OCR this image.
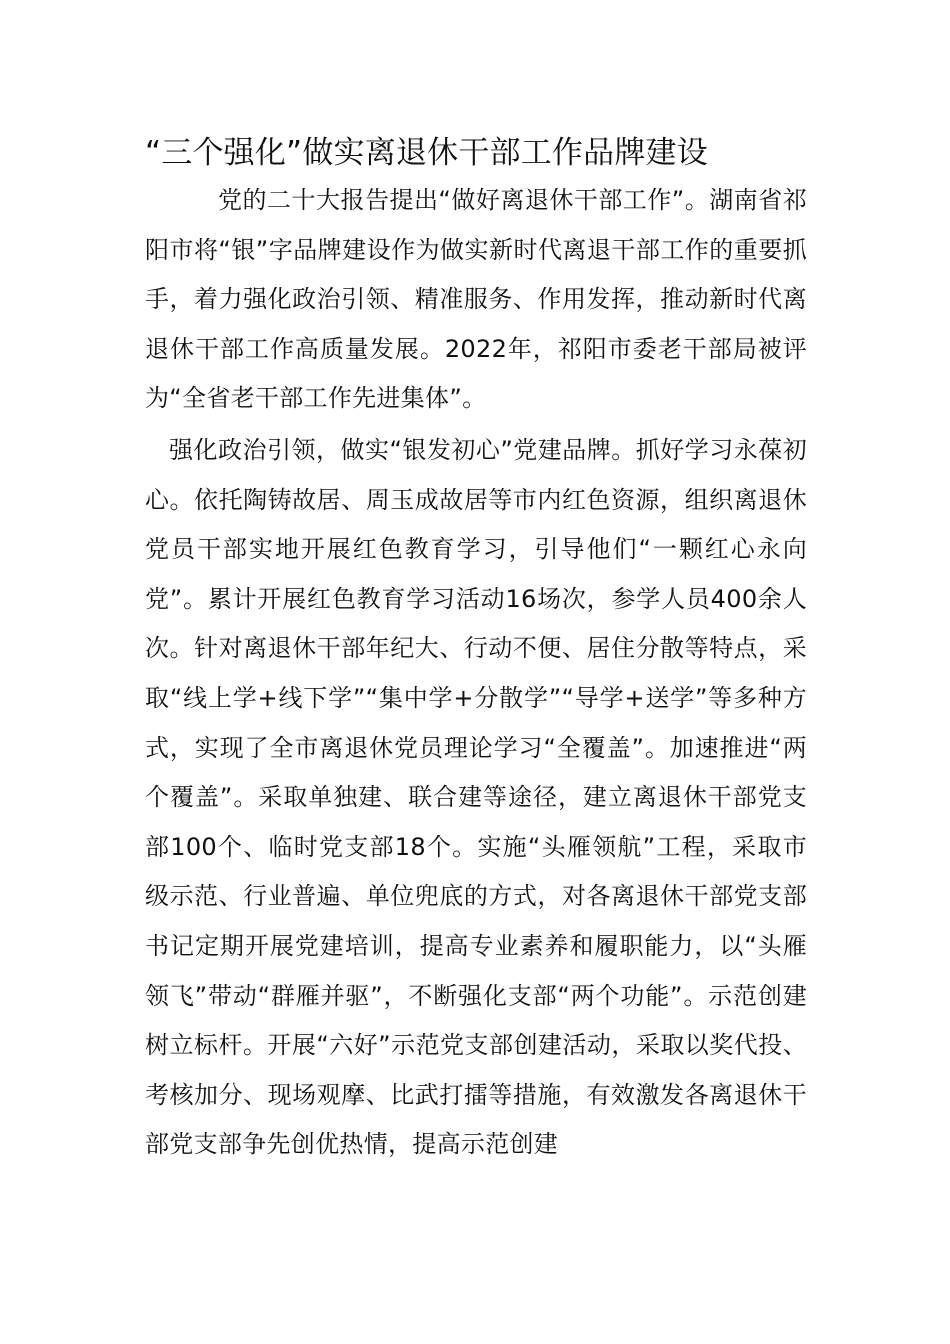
“三个强化”做实离退休干部工作品牌建设

党的二十大报告提出“做好离退休干部工作”。湖南省祁阳市将“银”字品牌建设作为做实新时代离退干部工作的重要抓手，着力强化政治引领、精准服务、作用发挥，推动新时代离退休干部工作高质量发展。2022年，祁阳市委老干部局被评为“全省老干部工作先进集体”。

强化政治引领，做实“银发初心”党建品牌。抓好学习永葆初心。依托陶铸故居、周玉成故居等市内红色资源，组织离退休党员干部实地开展红色教育学习，引导他们“一颗红心永向党”。累计开展红色教育学习活动16场次，参学人员400余人次。针对离退休干部年纪大、行动不便、居住分散等特点，采取“线上学+线下学”“集中学+分散学”“导学+送学”等多种方式，实现了全市离退休党员理论学习“全覆盖”。加速推进“两个覆盖”。采取单独建、联合建等途径，建立离退休干部党支部100个、临时党支部18个。实施“头雁领航”工程，采取市级示范、行业普遍、单位兜底的方式，对各离退休干部党支部书记定期开展党建培训，提高专业素养和履职能力，以“头雁领飞”带动“群雁并驱”，不断强化支部“两个功能”。示范创建树立标杆。开展“六好”示范党支部创建活动，采取以奖代投、考核加分、现场观摩、比武打擂等措施，有效激发各离退休干部党支部争先创优热情，提高示范创建
